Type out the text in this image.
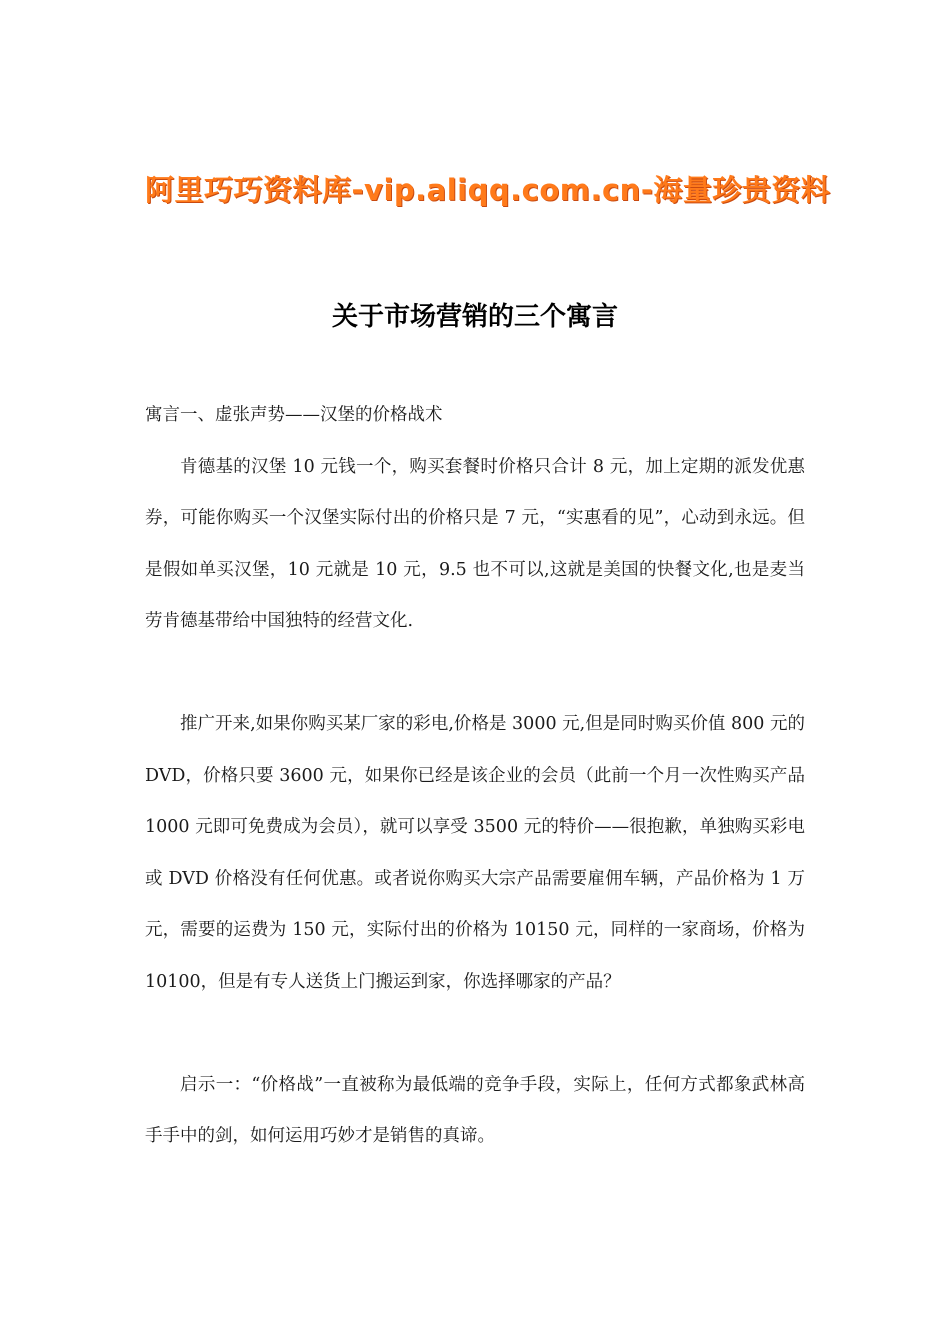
阿里巧巧资料库-vip.aliqq.com.cn-海量珍贵资料
关于市场营销的三个寓言

寓言一、虚张声势——汉堡的价格战术

肯德基的汉堡 10 元钱一个，购买套餐时价格只合计 8 元，加上定期的派发优惠券，可能你购买一个汉堡实际付出的价格只是 7 元，“实惠看的见”，心动到永远。但是假如单买汉堡，10 元就是 10 元，9.5 也不可以,这就是美国的快餐文化,也是麦当劳肯德基带给中国独特的经营文化.

推广开来,如果你购买某厂家的彩电,价格是 3000 元,但是同时购买价值 800 元的 DVD，价格只要 3600 元，如果你已经是该企业的会员（此前一个月一次性购买产品 1000 元即可免费成为会员），就可以享受 3500 元的特价——很抱歉，单独购买彩电或 DVD 价格没有任何优惠。或者说你购买大宗产品需要雇佣车辆，产品价格为 1 万元，需要的运费为 150 元，实际付出的价格为 10150 元，同样的一家商场，价格为 10100，但是有专人送货上门搬运到家，你选择哪家的产品？

启示一：“价格战”一直被称为最低端的竞争手段，实际上，任何方式都象武林高手手中的剑，如何运用巧妙才是销售的真谛。
